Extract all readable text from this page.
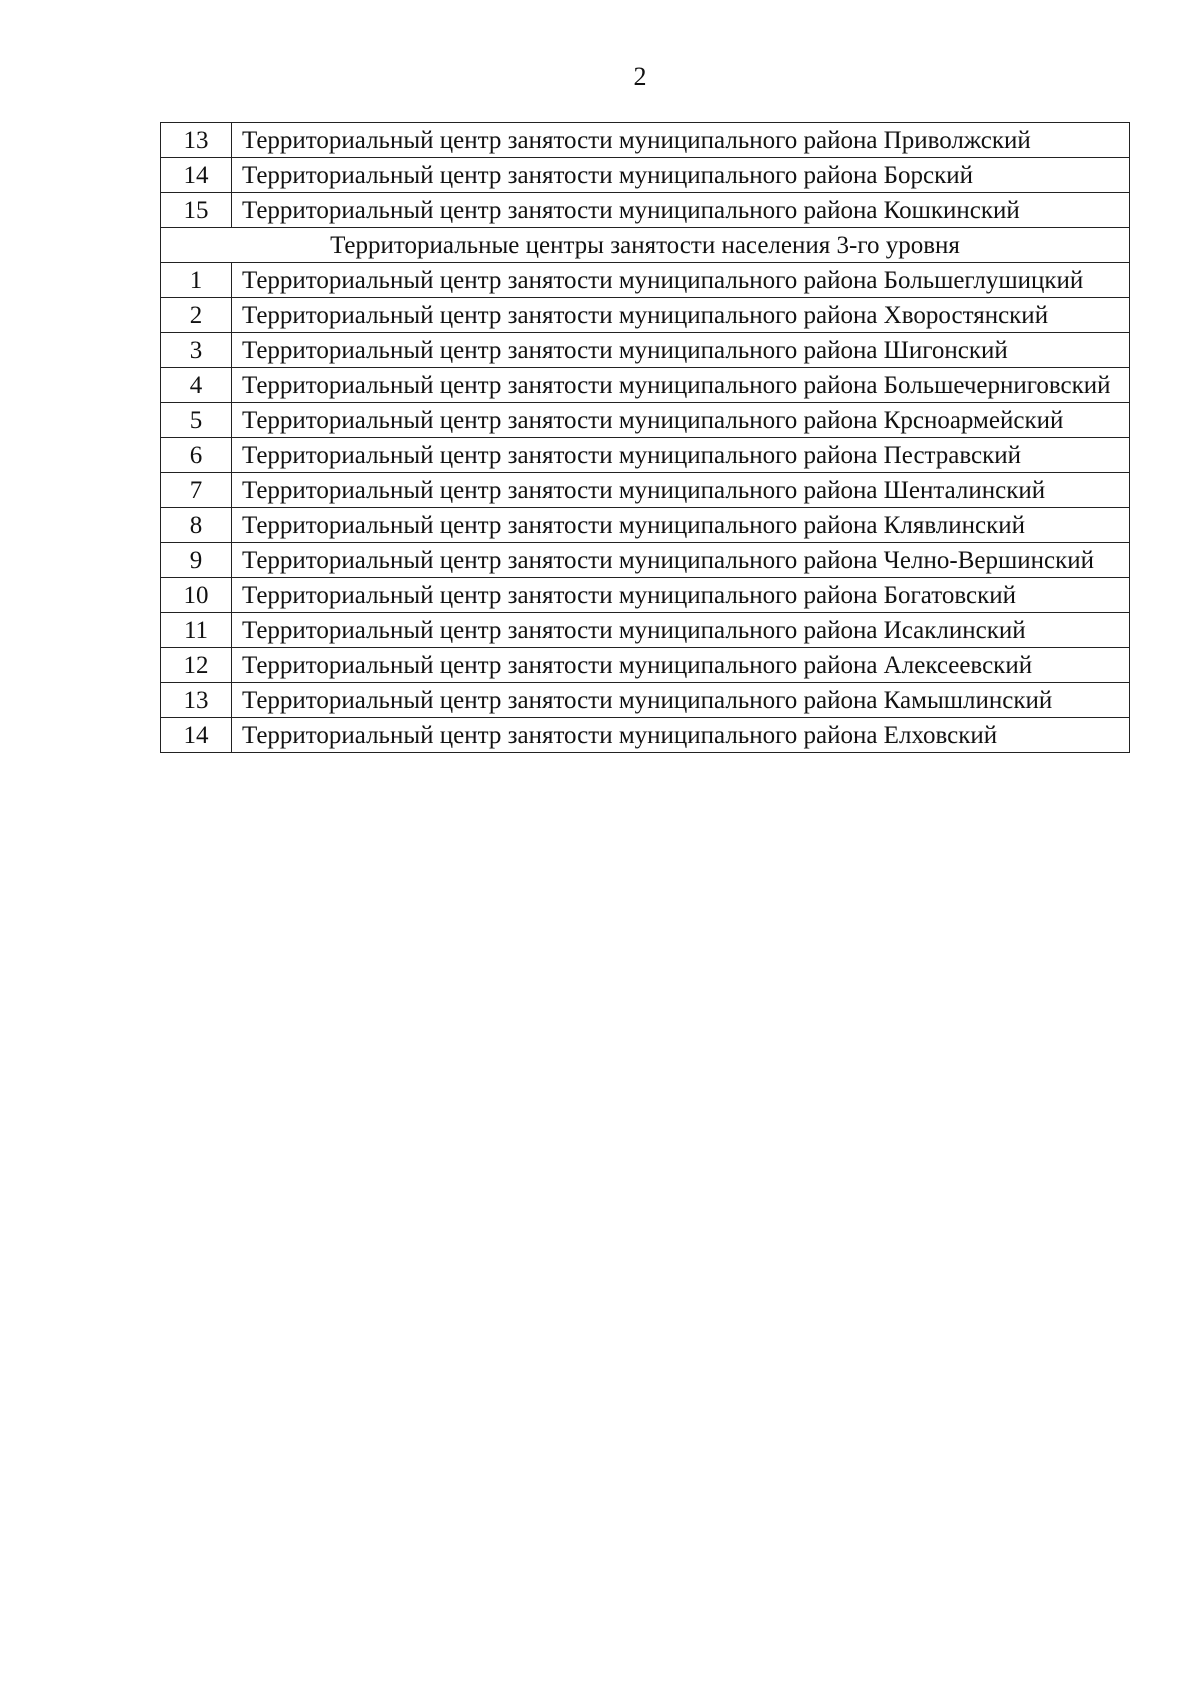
2
13	Территориальный центр занятости муниципального района Приволжский
14	Территориальный центр занятости муниципального района Борский
15	Территориальный центр занятости муниципального района Кошкинский
Территориальные центры занятости населения 3-го уровня	
1	Территориальный центр занятости муниципального района Большеглушицкий
2	Территориальный центр занятости муниципального района Хворостянский
3	Территориальный центр занятости муниципального района Шигонский
4	Территориальный центр занятости муниципального района Большечерниговский
5	Территориальный центр занятости муниципального района Крсноармейский
6	Территориальный центр занятости муниципального района Пестравский
7	Территориальный центр занятости муниципального района Шенталинский
8	Территориальный центр занятости муниципального района Клявлинский
9	Территориальный центр занятости муниципального района Челно-Вершинский
10	Территориальный центр занятости муниципального района Богатовский
11	Территориальный центр занятости муниципального района Исаклинский
12	Территориальный центр занятости муниципального района Алексеевский
13	Территориальный центр занятости муниципального района Камышлинский
14	Территориальный центр занятости муниципального района Елховский
